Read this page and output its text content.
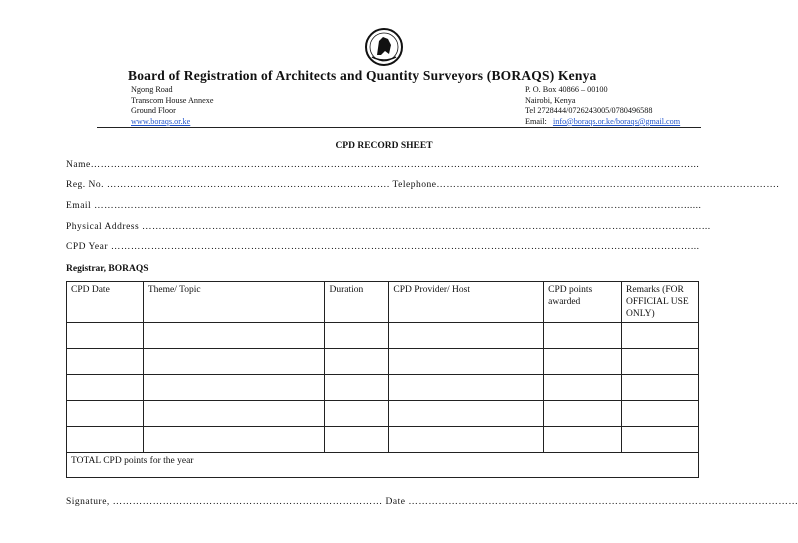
Board of Registration of Architects and Quantity Surveyors (BORAQS) Kenya
Ngong Road
Transcom House Annexe
Ground Floor
www.boraqs.or.ke
P. O. Box 40866 – 00100
Nairobi, Kenya
Tel 2728444/0726243005/0780496588
Email: info@boraqs.or.ke/boraqs@gmail.com
CPD RECORD SHEET
Name………………………………………………………………………………………………………………………………………………………………...
Reg. No. …………………………………………………………………………. Telephone………………………………………………………………………………………….
Email ……………………………………………………………………………………………………………………………………………………………......
Physical Address ……………………………………………………………………………………………………………………………………………………...
CPD Year …………………………………………………………………………………………………………………………………………………………...
Registrar, BORAQS
CPD Date	Theme/ Topic	Duration	CPD Provider/ Host	CPD points awarded	Remarks (FOR OFFICIAL USE ONLY)

TOTAL CPD points for the year					
Signature, ……………………………………………………………………… Date ………………………………………………………………………………………………………
